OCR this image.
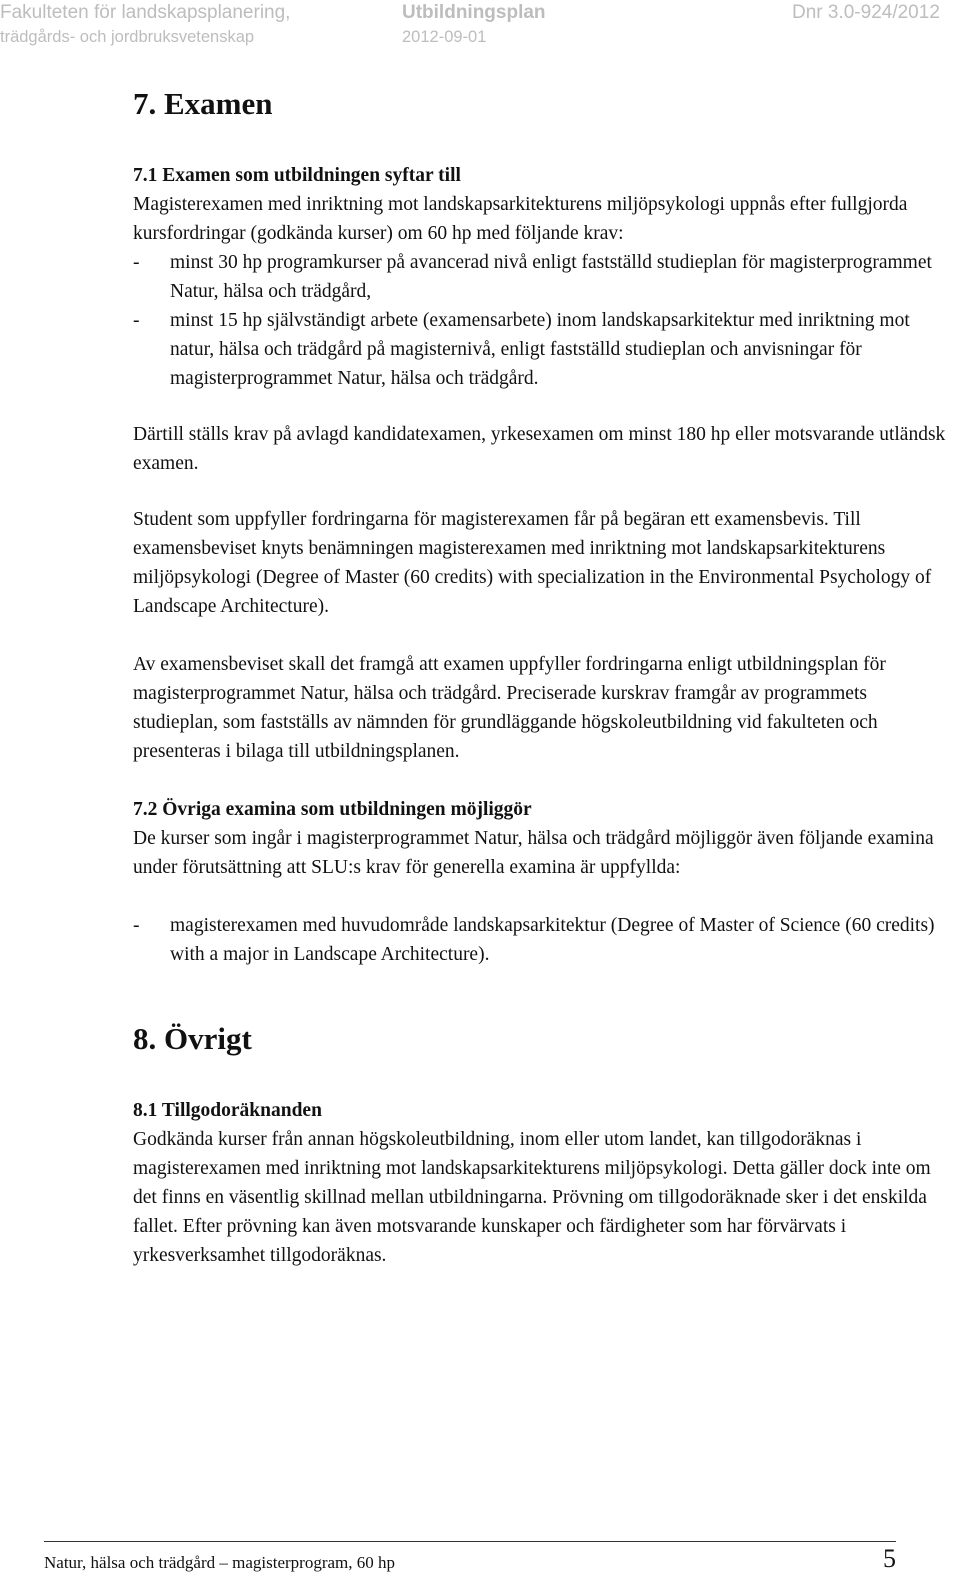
Fakulteten för landskapsplanering,
trädgårds- och jordbruksvetenskap
Utbildningsplan
2012-09-01
Dnr 3.0-924/2012
7. Examen

7.1 Examen som utbildningen syftar till

Magisterexamen med inriktning mot landskapsarkitekturens miljöpsykologi uppnås efter fullgjorda kursfordringar (godkända kurser) om 60 hp med följande krav:

- minst 30 hp programkurser på avancerad nivå enligt fastställd studieplan för magisterprogrammet Natur, hälsa och trädgård,
- minst 15 hp självständigt arbete (examensarbete) inom landskapsarkitektur med inriktning mot natur, hälsa och trädgård på magisternivå, enligt fastställd studieplan och anvisningar för magisterprogrammet Natur, hälsa och trädgård.

Därtill ställs krav på avlagd kandidatexamen, yrkesexamen om minst 180 hp eller motsvarande utländsk examen.

Student som uppfyller fordringarna för magisterexamen får på begäran ett examensbevis. Till examensbeviset knyts benämningen magisterexamen med inriktning mot landskapsarkitekturens miljöpsykologi (Degree of Master (60 credits) with specialization in the Environmental Psychology of Landscape Architecture).

Av examensbeviset skall det framgå att examen uppfyller fordringarna enligt utbildningsplan för magisterprogrammet Natur, hälsa och trädgård. Preciserade kurskrav framgår av programmets studieplan, som fastställs av nämnden för grundläggande högskoleutbildning vid fakulteten och presenteras i bilaga till utbildningsplanen.

7.2 Övriga examina som utbildningen möjliggör

De kurser som ingår i magisterprogrammet Natur, hälsa och trädgård möjliggör även följande examina under förutsättning att SLU:s krav för generella examina är uppfyllda:

- magisterexamen med huvudområde landskapsarkitektur (Degree of Master of Science (60 credits) with a major in Landscape Architecture).
8. Övrigt

8.1 Tillgodoräknanden

Godkända kurser från annan högskoleutbildning, inom eller utom landet, kan tillgodoräknas i magisterexamen med inriktning mot landskapsarkitekturens miljöpsykologi. Detta gäller dock inte om det finns en väsentlig skillnad mellan utbildningarna. Prövning om tillgodoräknade sker i det enskilda fallet. Efter prövning kan även motsvarande kunskaper och färdigheter som har förvärvats i yrkesverksamhet tillgodoräknas.

Natur, hälsa och trädgård – magisterprogram, 60 hp	5
